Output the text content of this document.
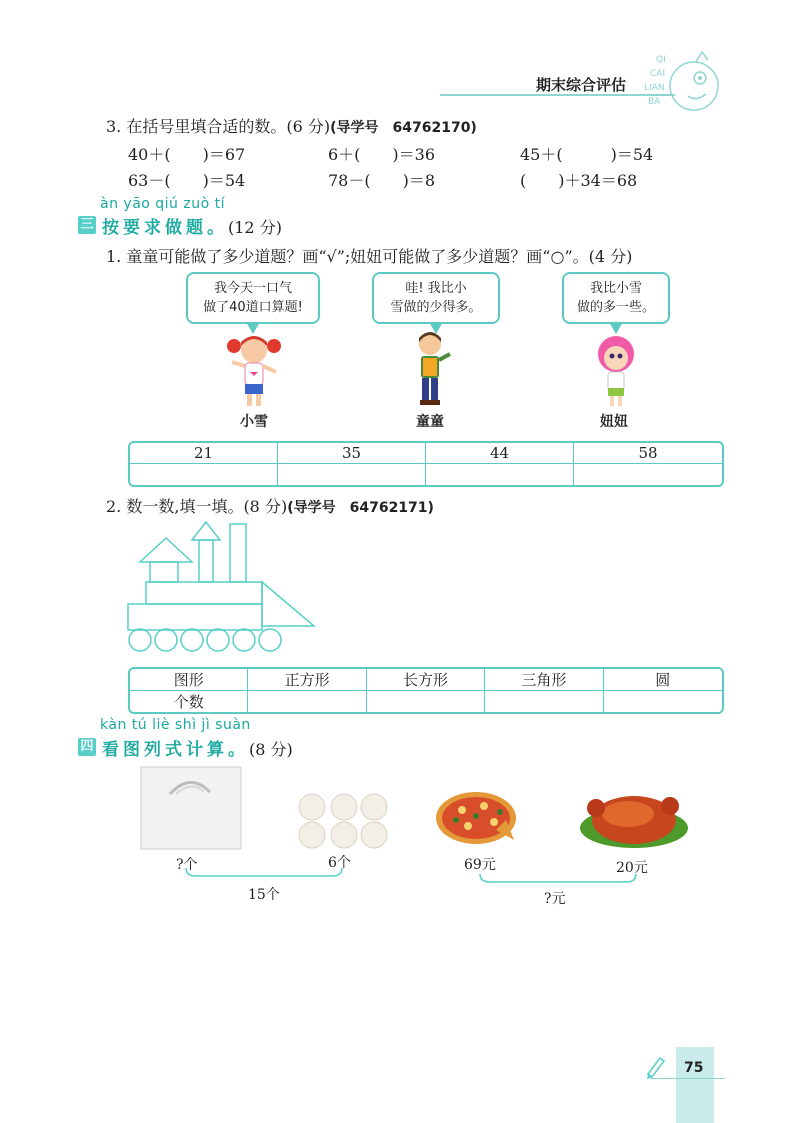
期末综合评估
QI
CAI
LIAN
BA
3. 在括号里填合适的数。(6 分)(导学号　64762170)
40＋(　　)＝67	6＋(　　)＝36	45＋(　　　)＝54
63－(　　)＝54	78－(　　)＝8	(　　)＋34＝68
àn yāo qiú zuò tí
三 按要求做题。(12 分)
1. 童童可能做了多少道题？画“√”;妞妞可能做了多少道题？画“○”。(4 分)
我今天一口气
做了40道口算题!
哇! 我比小
雪做的少得多。
我比小雪
做的多一些。
小雪	童童	妞妞
21	35	44	58

2. 数一数,填一填。(8 分)(导学号　64762171)
图形	正方形	长方形	三角形	圆
个数				
kàn tú liè shì jì suàn
四 看图列式计算。(8 分)
?个	6个
15个
69元	20元
?元
75
